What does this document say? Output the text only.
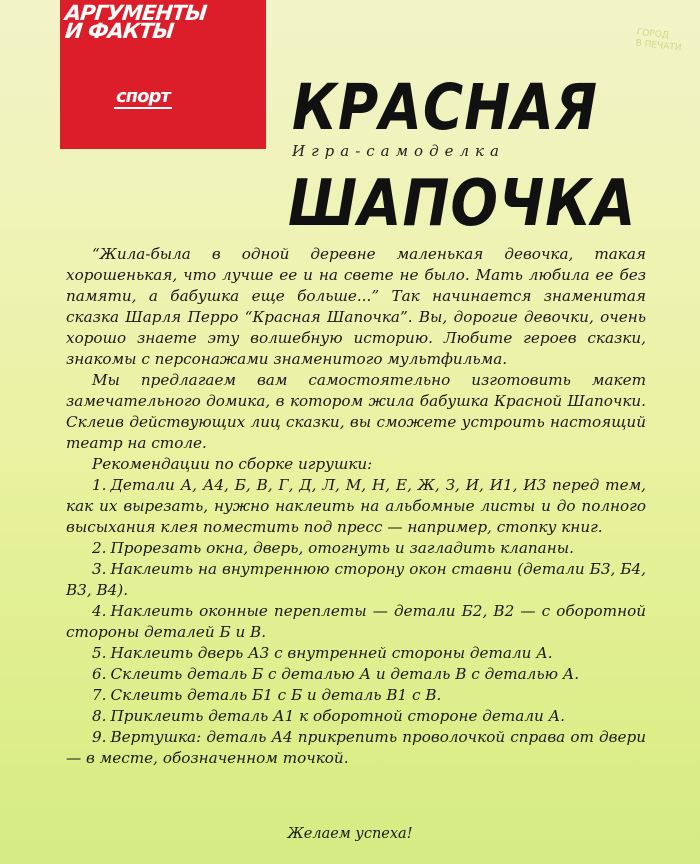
АРГУМЕНТЫ
И ФАКТЫ
спорт
ГОРОД
В ПЕЧАТИ
КРАСНАЯ
Игра-самоделка
ШАПОЧКА

“Жила-была в одной деревне маленькая девочка, такая хорошенькая, что лучше ее и на свете не было. Мать любила ее без памяти, а бабушка еще больше...” Так начинается знаменитая сказка Шарля Перро “Красная Шапочка”. Вы, дорогие девочки, очень хорошо знаете эту волшебную историю. Любите героев сказки, знакомы с персонажами знаменитого мультфильма.

Мы предлагаем вам самостоятельно изготовить макет замечательного домика, в котором жила бабушка Красной Шапочки. Склеив действующих лиц сказки, вы сможете устроить настоящий театр на столе.

Рекомендации по сборке игрушки:

1. Детали А, А4, Б, В, Г, Д, Л, М, Н, Е, Ж, З, И, И1, И3 перед тем, как их вырезать, нужно наклеить на альбомные листы и до полного высыхания клея поместить под пресс — например, стопку книг.
2. Прорезать окна, дверь, отогнуть и загладить клапаны.
3. Наклеить на внутреннюю сторону окон ставни (детали Б3, Б4, В3, В4).
4. Наклеить оконные переплеты — детали Б2, В2 — с оборотной стороны деталей Б и В.
5. Наклеить дверь А3 с внутренней стороны детали А.
6. Склеить деталь Б с деталью А и деталь В с деталью А.
7. Склеить деталь Б1 с Б и деталь В1 с В.
8. Приклеить деталь А1 к оборотной стороне детали А.
9. Вертушка: деталь А4 прикрепить проволочкой справа от двери — в месте, обозначенном точкой.
Желаем успеха!
